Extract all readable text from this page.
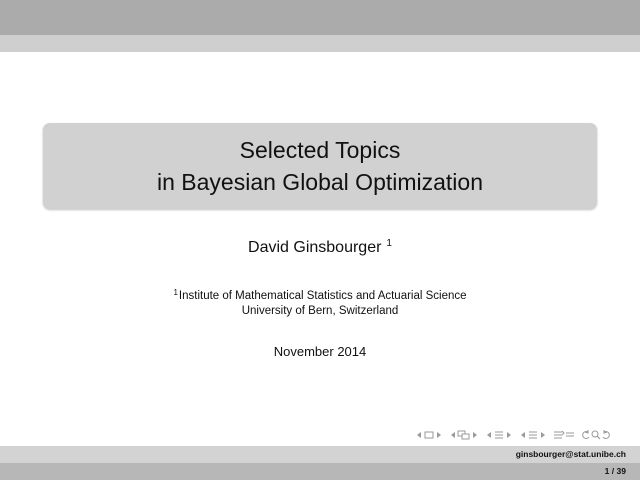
Selected Topics
in Bayesian Global Optimization
David Ginsbourger $^1$
$^1$Institute of Mathematical Statistics and Actuarial Science
University of Bern, Switzerland
November 2014
ginsbourger@stat.unibe.ch
1 / 39
